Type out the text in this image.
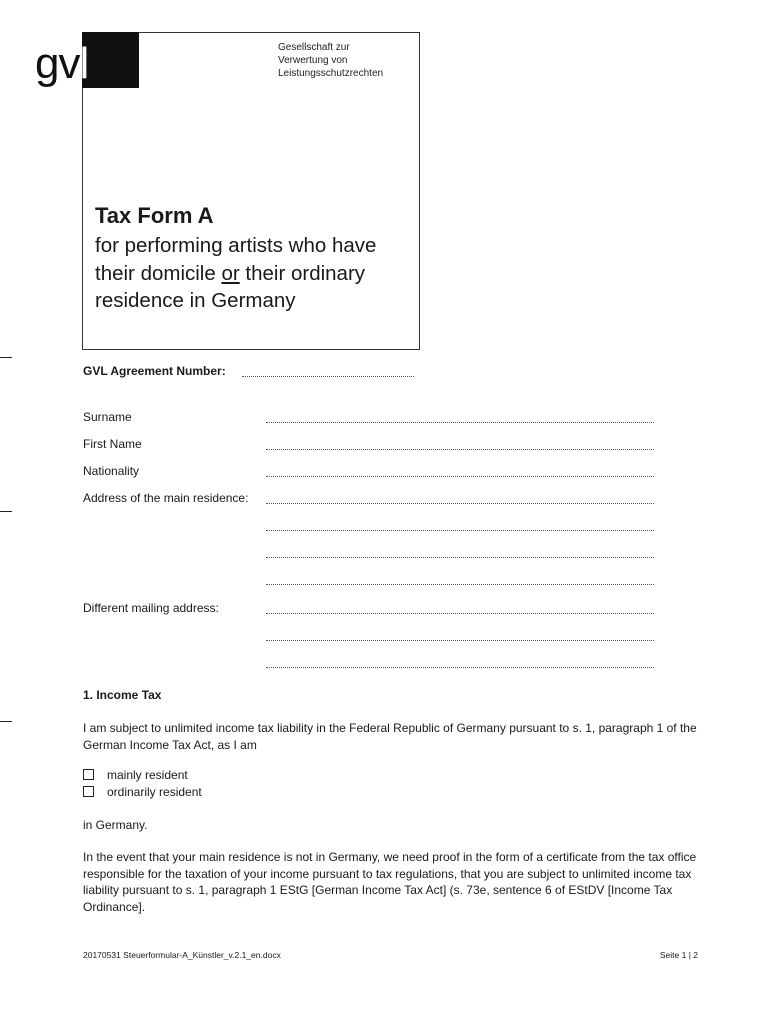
gvl	Gesellschaft zur
Verwertung von
Leistungsschutzrechten
Tax Form A
for performing artists who have their domicile or their ordinary residence in Germany
GVL Agreement Number:
Surname
First Name
Nationality
Address of the main residence:
Different mailing address:
1. Income Tax
I am subject to unlimited income tax liability in the Federal Republic of Germany pursuant to s. 1, paragraph 1 of the German Income Tax Act, as I am
mainly resident
ordinarily resident
in Germany.
In the event that your main residence is not in Germany, we need proof in the form of a certificate from the tax office responsible for the taxation of your income pursuant to tax regulations, that you are subject to unlimited income tax liability pursuant to s. 1, paragraph 1 EStG [German Income Tax Act] (s. 73e, sentence 6 of EStDV [Income Tax Ordinance].
20170531 Steuerformular-A_Künstler_v.2.1_en.docx	Seite 1 | 2
